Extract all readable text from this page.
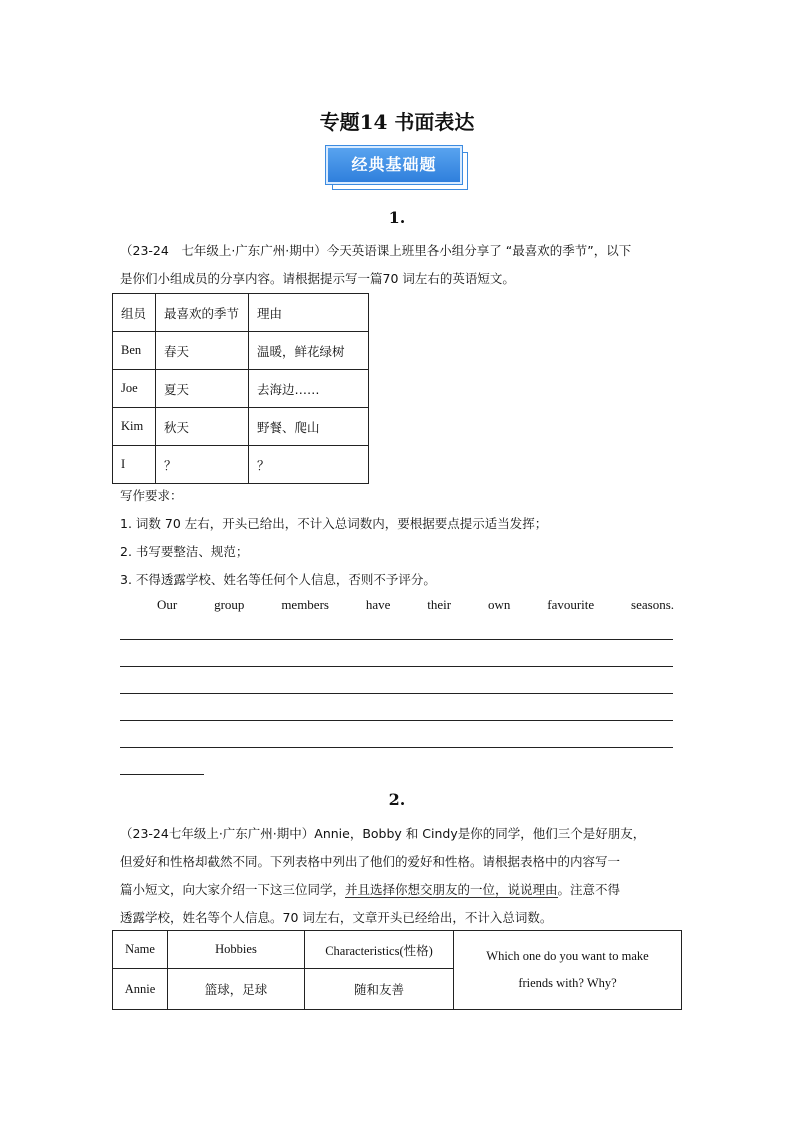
专题14 书面表达
经典基础题
1.
（23-24　七年级上·广东广州·期中）今天英语课上班里各小组分享了 “最喜欢的季节”，以下
是你们小组成员的分享内容。请根据提示写一篇70 词左右的英语短文。
组员	最喜欢的季节	理由
Ben	春天	温暖，鲜花绿树
Joe	夏天	去海边……
Kim	秋天	野餐、爬山
I	？	？
写作要求：
1. 词数 70 左右，开头已给出，不计入总词数内，要根据要点提示适当发挥；
2. 书写要整洁、规范；
3. 不得透露学校、姓名等任何个人信息，否则不予评分。
Our	group	members	have	their	own	favourite	seasons.
2.
（23-24七年级上·广东广州·期中）Annie，Bobby 和 Cindy是你的同学，他们三个是好朋友，
但爱好和性格却截然不同。下列表格中列出了他们的爱好和性格。请根据表格中的内容写一
篇小短文，向大家介绍一下这三位同学，并且选择你想交朋友的一位，说说理由。注意不得
透露学校，姓名等个人信息。70 词左右，文章开头已经给出，不计入总词数。
Name	Hobbies	Characteristics(性格)	Which one do you want to make
friends with? Why?

Annie	篮球，足球	随和友善	
